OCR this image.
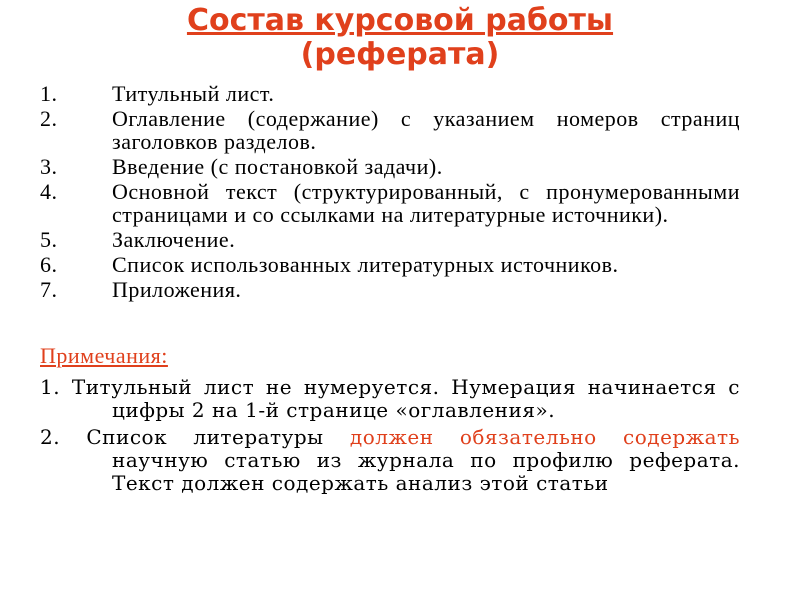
Состав курсовой работы
(реферата)
1.	Титульный лист.
2.	Оглавление (содержание) с указанием номеров страниц заголовков разделов.
3.	Введение (с постановкой задачи).
4.	Основной текст (структурированный, с пронумерованными страницами и со ссылками на литературные источники).
5.	Заключение.
6.	Список использованных литературных источников.
7.	Приложения.
Примечания:
1. Титульный лист не нумеруется. Нумерация начинается с цифры 2 на 1-й странице «оглавления».
2. Список литературы должен обязательно содержать научную статью из журнала по профилю реферата. Текст должен содержать анализ этой статьи
